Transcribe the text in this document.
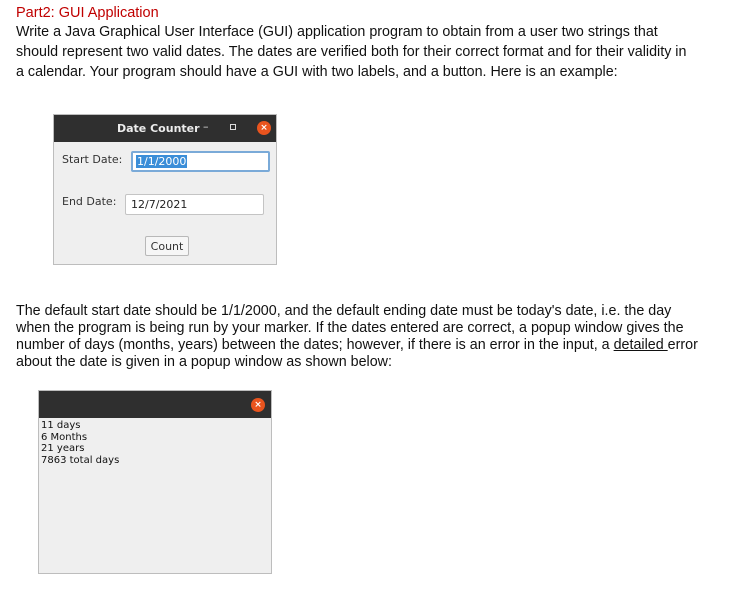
Part2: GUI Application

Write a Java Graphical User Interface (GUI) application program to obtain from a user two strings that should represent two valid dates. The dates are verified both for their correct format and for their validity in a calendar. Your program should have a GUI with two labels, and a button. Here is an example:

Date Counter –	×
Start Date:	1/1/2000
End Date:	12/7/2021
Count

The default start date should be 1/1/2000, and the default ending date must be today's date, i.e. the day when the program is being run by your marker. If the dates entered are correct, a popup window gives the number of days (months, years) between the dates; however, if there is an error in the input, a detailed error about the date is given in a popup window as shown below:

×
11 days
6 Months
21 years
7863 total days
